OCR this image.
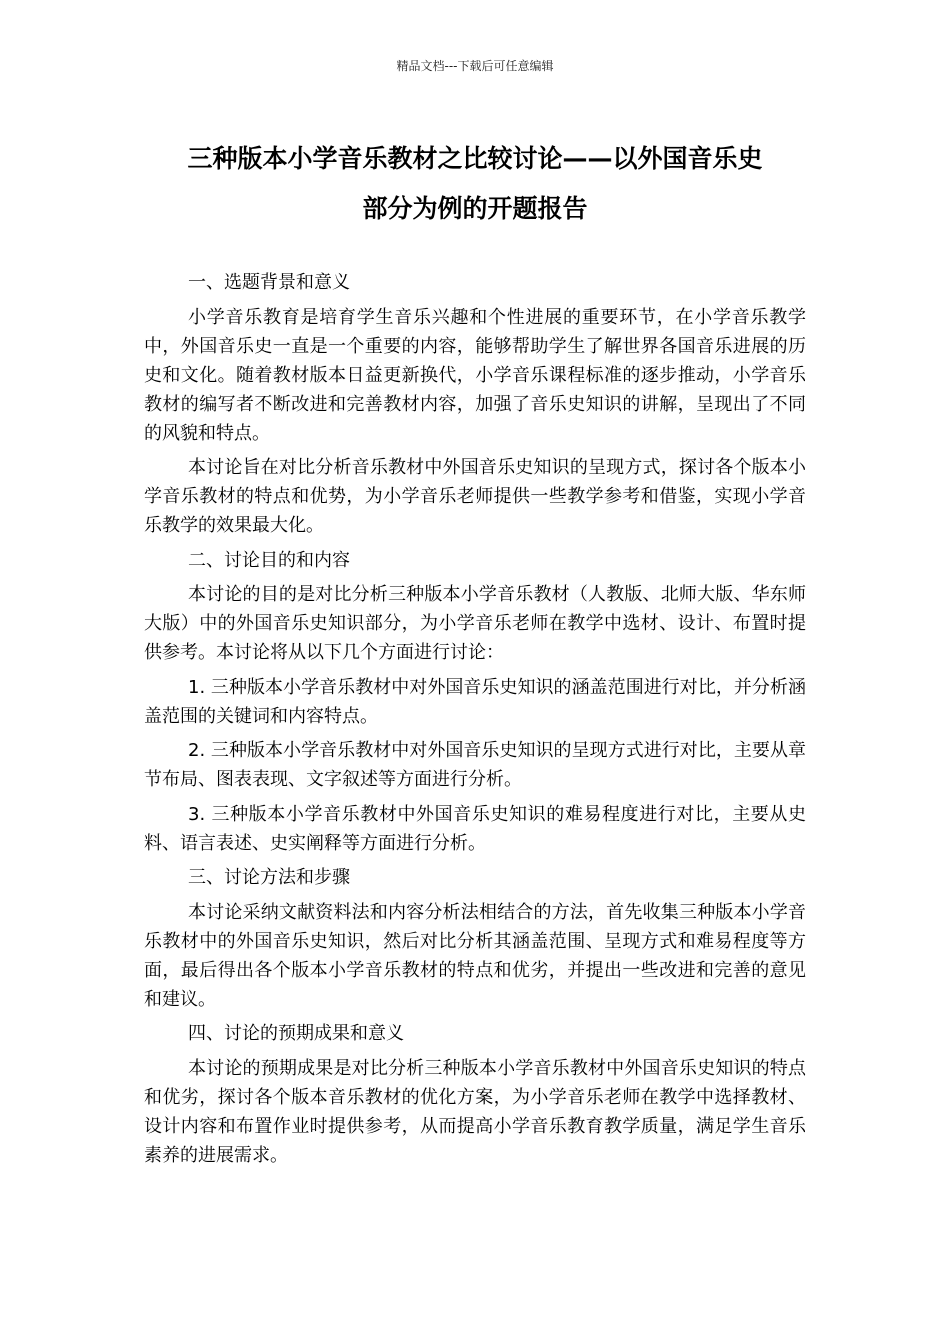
精品文档---下载后可任意编辑
三种版本小学音乐教材之比较讨论——以外国音乐史
部分为例的开题报告

一、选题背景和意义

小学音乐教育是培育学生音乐兴趣和个性进展的重要环节，在小学音乐教学中，外国音乐史一直是一个重要的内容，能够帮助学生了解世界各国音乐进展的历史和文化。随着教材版本日益更新换代，小学音乐课程标准的逐步推动，小学音乐教材的编写者不断改进和完善教材内容，加强了音乐史知识的讲解，呈现出了不同的风貌和特点。

本讨论旨在对比分析音乐教材中外国音乐史知识的呈现方式，探讨各个版本小学音乐教材的特点和优势，为小学音乐老师提供一些教学参考和借鉴，实现小学音乐教学的效果最大化。

二、讨论目的和内容

本讨论的目的是对比分析三种版本小学音乐教材（人教版、北师大版、华东师大版）中的外国音乐史知识部分，为小学音乐老师在教学中选材、设计、布置时提供参考。本讨论将从以下几个方面进行讨论：

1. 三种版本小学音乐教材中对外国音乐史知识的涵盖范围进行对比，并分析涵盖范围的关键词和内容特点。

2. 三种版本小学音乐教材中对外国音乐史知识的呈现方式进行对比，主要从章节布局、图表表现、文字叙述等方面进行分析。

3. 三种版本小学音乐教材中外国音乐史知识的难易程度进行对比，主要从史料、语言表述、史实阐释等方面进行分析。

三、讨论方法和步骤

本讨论采纳文献资料法和内容分析法相结合的方法，首先收集三种版本小学音乐教材中的外国音乐史知识，然后对比分析其涵盖范围、呈现方式和难易程度等方面，最后得出各个版本小学音乐教材的特点和优劣，并提出一些改进和完善的意见和建议。

四、讨论的预期成果和意义

本讨论的预期成果是对比分析三种版本小学音乐教材中外国音乐史知识的特点和优劣，探讨各个版本音乐教材的优化方案，为小学音乐老师在教学中选择教材、设计内容和布置作业时提供参考，从而提高小学音乐教育教学质量，满足学生音乐素养的进展需求。
